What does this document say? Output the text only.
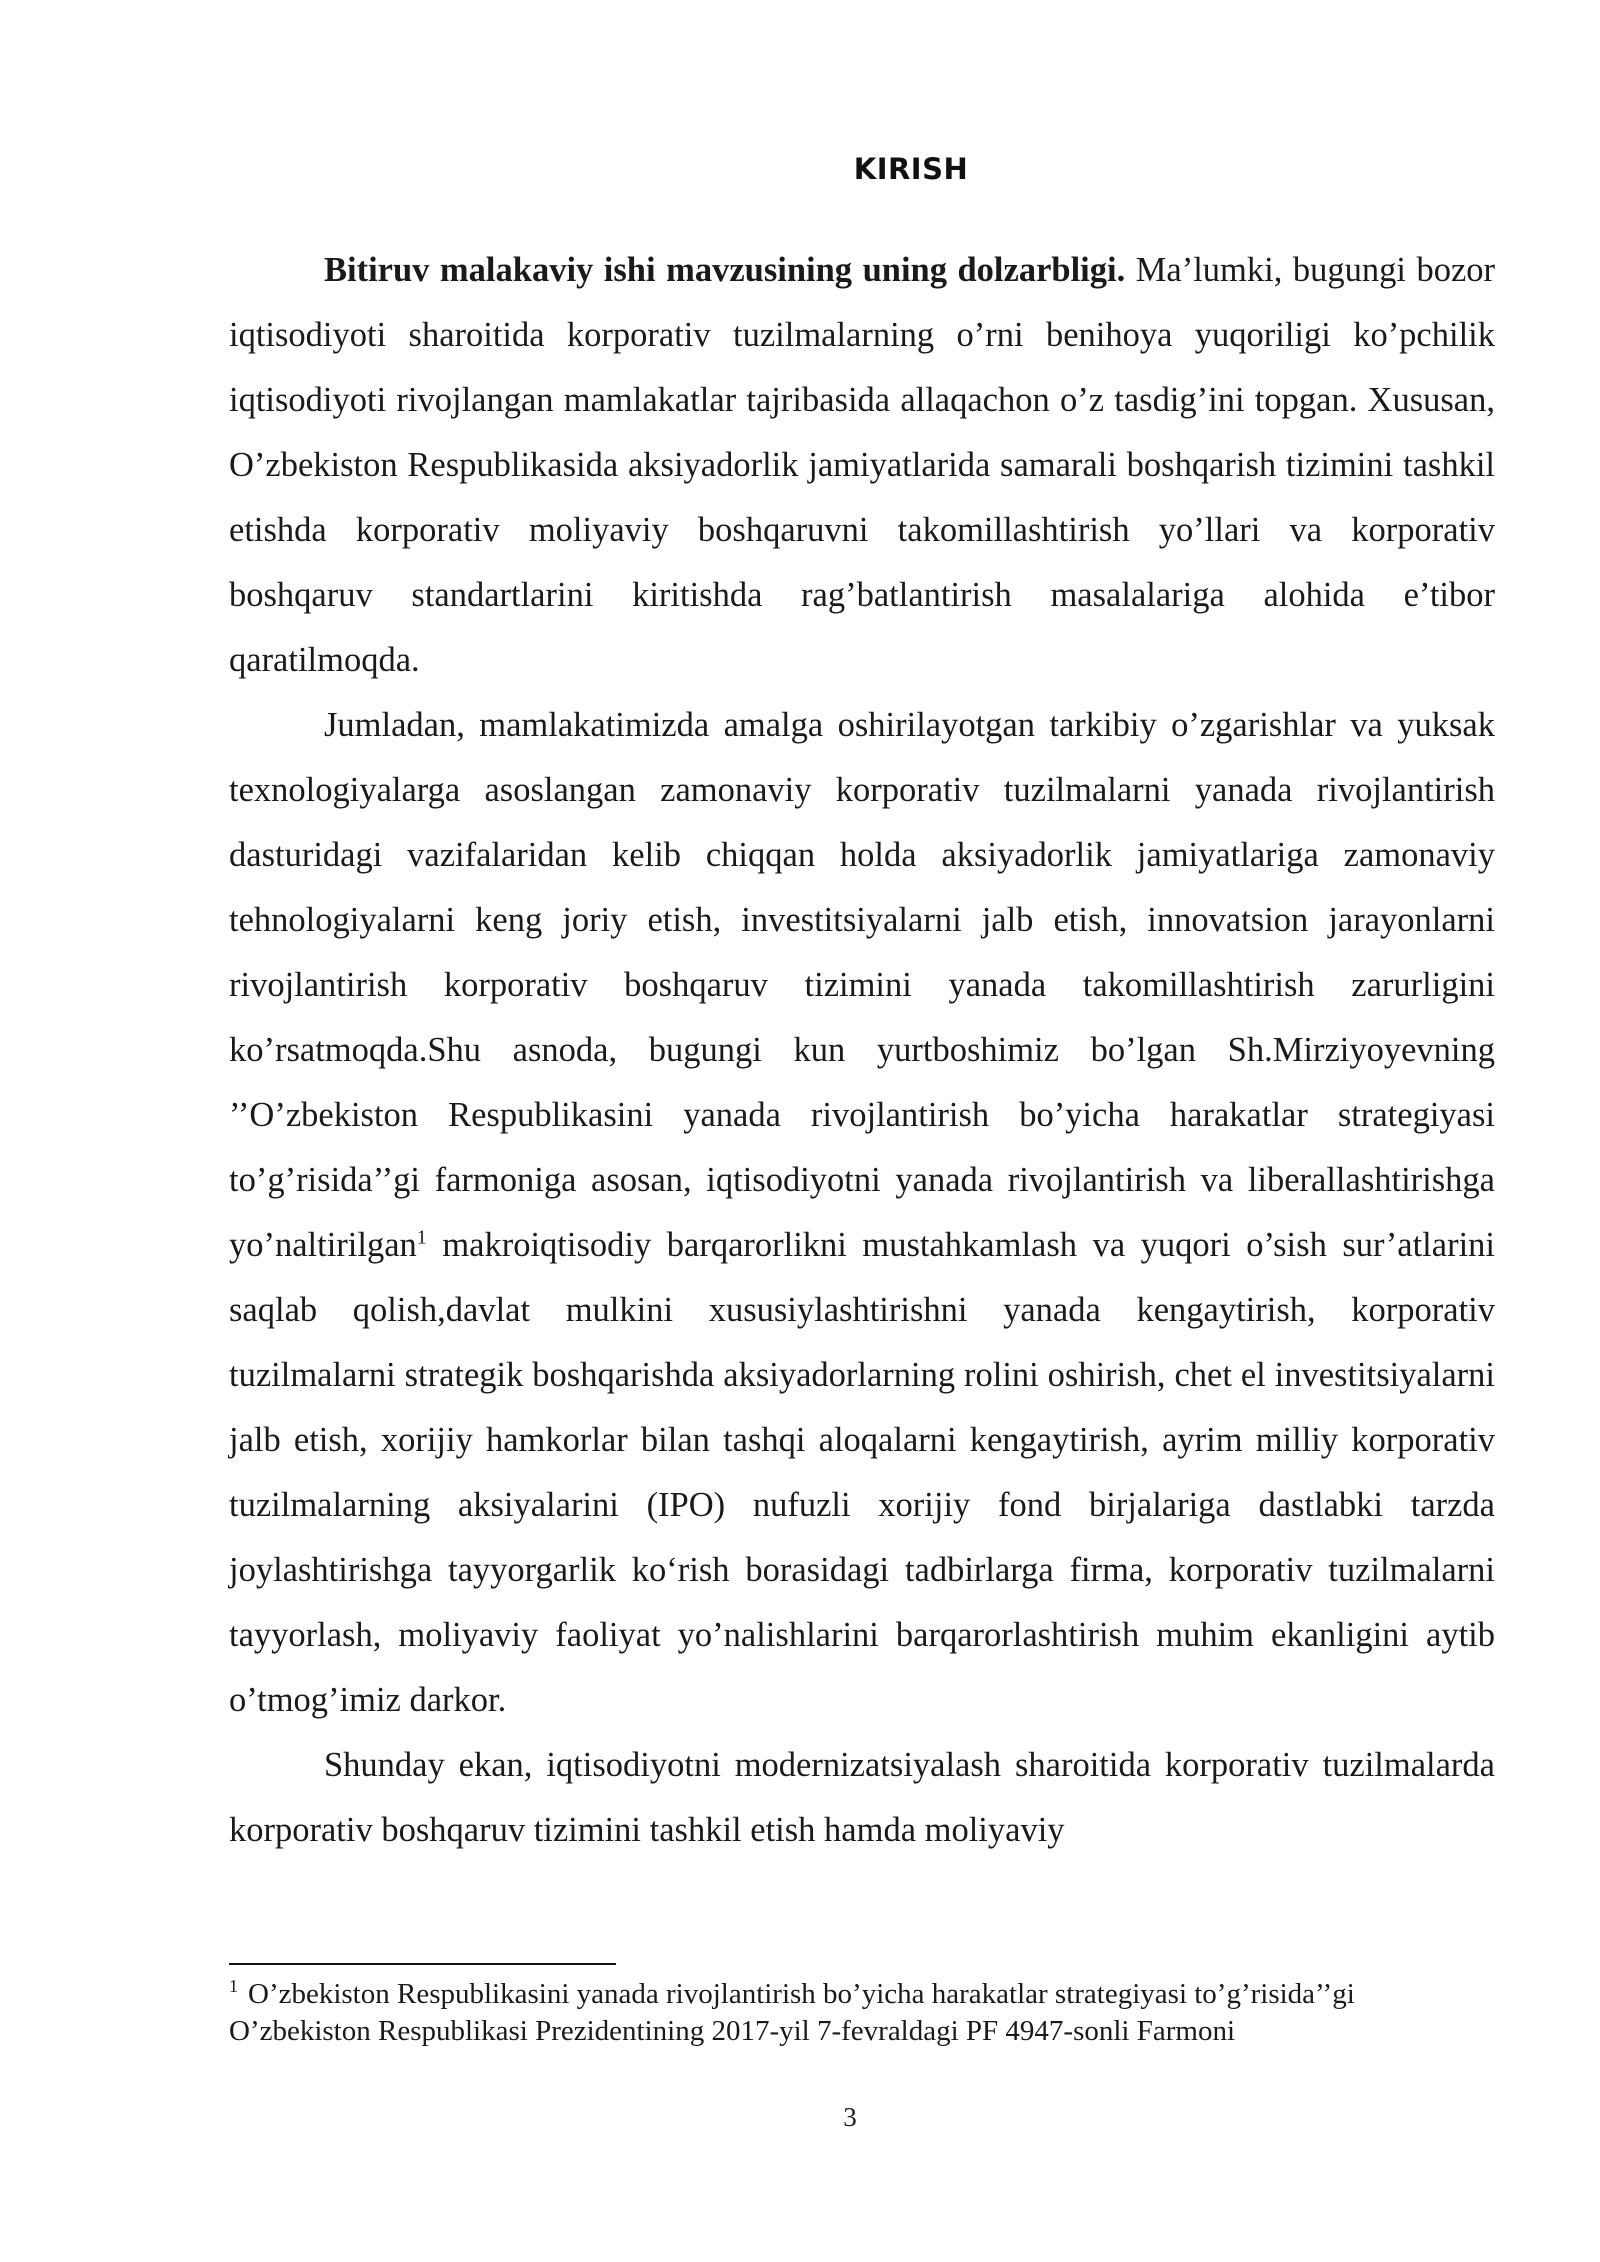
KIRISH

Bitiruv malakaviy ishi mavzusining uning dolzarbligi. Ma’lumki, bugungi bozor iqtisodiyoti sharoitida korporativ tuzilmalarning o’rni benihoya yuqoriligi ko’pchilik iqtisodiyoti rivojlangan mamlakatlar tajribasida allaqachon o’z tasdig’ini topgan. Xususan, O’zbekiston Respublikasida aksiyadorlik jamiyatlarida samarali boshqarish tizimini tashkil etishda korporativ moliyaviy boshqaruvni takomillashtirish yo’llari va korporativ boshqaruv standartlarini kiritishda rag’batlantirish masalalariga alohida e’tibor qaratilmoqda.

Jumladan, mamlakatimizda amalga oshirilayotgan tarkibiy o’zgarishlar va yuksak texnologiyalarga asoslangan zamonaviy korporativ tuzilmalarni yanada rivojlantirish dasturidagi vazifalaridan kelib chiqqan holda aksiyadorlik jamiyatlariga zamonaviy tehnologiyalarni keng joriy etish, investitsiyalarni jalb etish, innovatsion jarayonlarni rivojlantirish korporativ boshqaruv tizimini yanada takomillashtirish zarurligini ko’rsatmoqda.Shu asnoda, bugungi kun yurtboshimiz bo’lgan Sh.Mirziyoyevning ’’O’zbekiston Respublikasini yanada rivojlantirish bo’yicha harakatlar strategiyasi to’g’risida’’gi farmoniga asosan, iqtisodiyotni yanada rivojlantirish va liberallashtirishga yo’naltirilgan$^1$ makroiqtisodiy barqarorlikni mustahkamlash va yuqori o’sish sur’atlarini saqlab qolish,davlat mulkini xususiylashtirishni yanada kengaytirish, korporativ tuzilmalarni strategik boshqarishda aksiyadorlarning rolini oshirish, chet el investitsiyalarni jalb etish, xorijiy hamkorlar bilan tashqi aloqalarni kengaytirish, ayrim milliy korporativ tuzilmalarning aksiyalarini (IPO) nufuzli xorijiy fond birjalariga dastlabki tarzda joylashtirishga tayyorgarlik ko‘rish borasidagi tadbirlarga firma, korporativ tuzilmalarni tayyorlash, moliyaviy faoliyat yo’nalishlarini barqarorlashtirish muhim ekanligini aytib o’tmog’imiz darkor.

Shunday ekan, iqtisodiyotni modernizatsiyalash sharoitida korporativ tuzilmalarda korporativ boshqaruv tizimini tashkil etish hamda moliyaviy

$^1$ O’zbekiston Respublikasini yanada rivojlantirish bo’yicha harakatlar strategiyasi to’g’risida’’gi O’zbekiston Respublikasi Prezidentining 2017-yil 7-fevraldagi PF 4947-sonli Farmoni
3
